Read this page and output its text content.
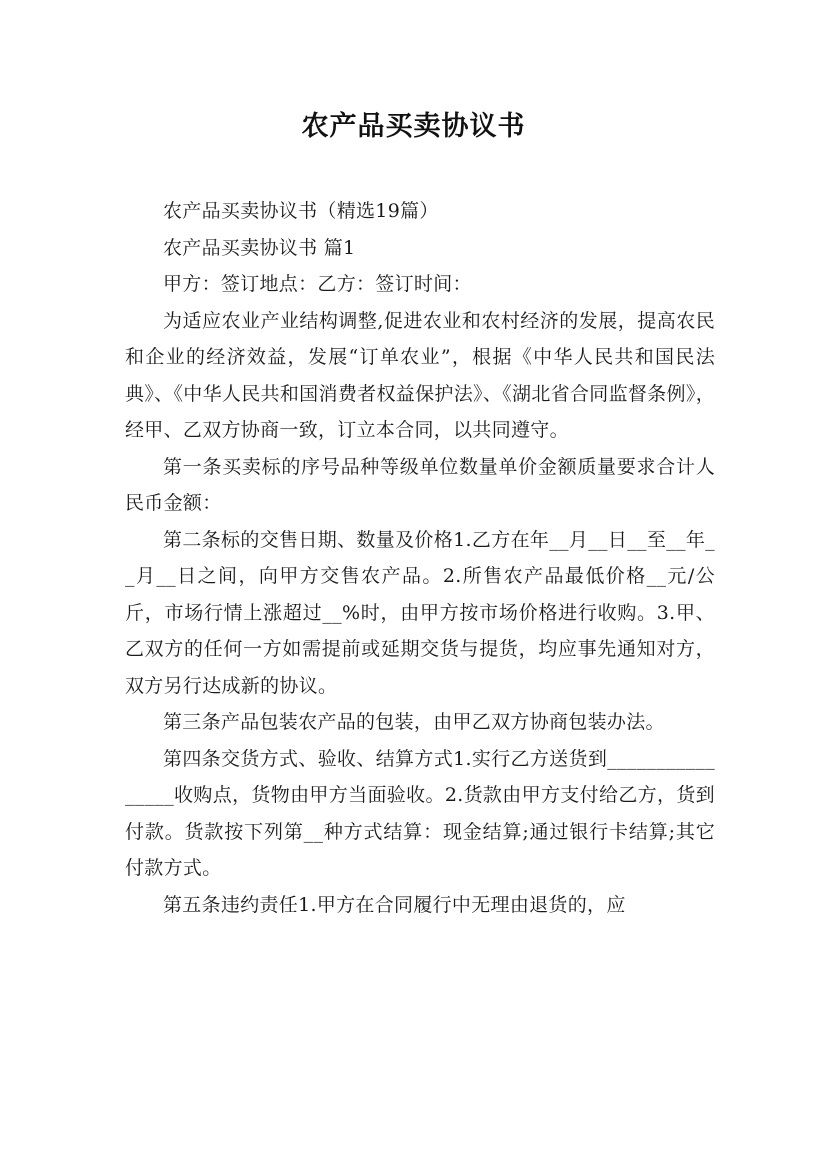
农产品买卖协议书

农产品买卖协议书（精选19篇）

农产品买卖协议书 篇1

甲方：签订地点：乙方：签订时间：

为适应农业产业结构调整,促进农业和农村经济的发展，提高农民和企业的经济效益，发展“订单农业”，根据《中华人民共和国民法典》、《中华人民共和国消费者权益保护法》、《湖北省合同监督条例》，经甲、乙双方协商一致，订立本合同，以共同遵守。

第一条买卖标的序号品种等级单位数量单价金额质量要求合计人民币金额：

第二条标的交售日期、数量及价格1.乙方在年__月__日__至__年__月__日之间，向甲方交售农产品。2.所售农产品最低价格__元/公斤，市场行情上涨超过__%时，由甲方按市场价格进行收购。3.甲、乙双方的任何一方如需提前或延期交货与提货，均应事先通知对方，双方另行达成新的协议。

第三条产品包装农产品的包装，由甲乙双方协商包装办法。

第四条交货方式、验收、结算方式1.实行乙方送货到________________收购点，货物由甲方当面验收。2.货款由甲方支付给乙方，货到付款。货款按下列第__种方式结算：现金结算;通过银行卡结算;其它付款方式。

第五条违约责任1.甲方在合同履行中无理由退货的，应
